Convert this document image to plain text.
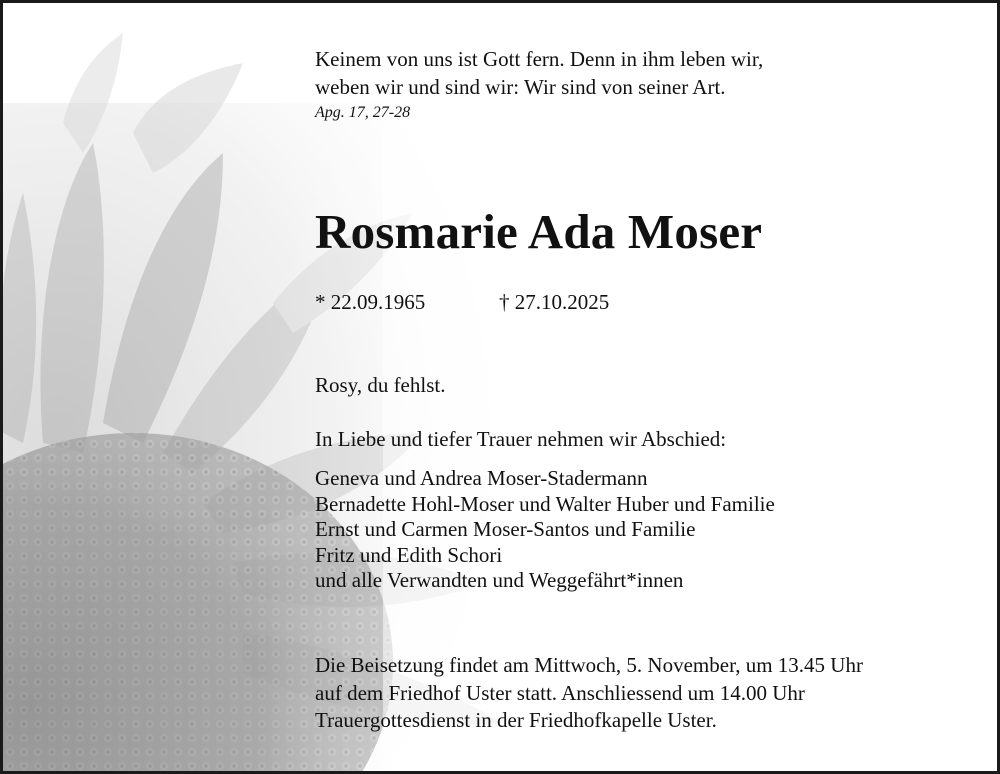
Keinem von uns ist Gott fern. Denn in ihm leben wir,
weben wir und sind wir: Wir sind von seiner Art.

Apg. 17, 27-28

Rosmarie Ada Moser
* 22.09.1965	† 27.10.2025

Rosy, du fehlst.

In Liebe und tiefer Trauer nehmen wir Abschied:

Geneva und Andrea Moser-Stadermann
Bernadette Hohl-Moser und Walter Huber und Familie
Ernst und Carmen Moser-Santos und Familie
Fritz und Edith Schori
und alle Verwandten und Weggefährt*innen

Die Beisetzung findet am Mittwoch, 5. November, um 13.45 Uhr
auf dem Friedhof Uster statt. Anschliessend um 14.00 Uhr
Trauergottesdienst in der Friedhofkapelle Uster.
